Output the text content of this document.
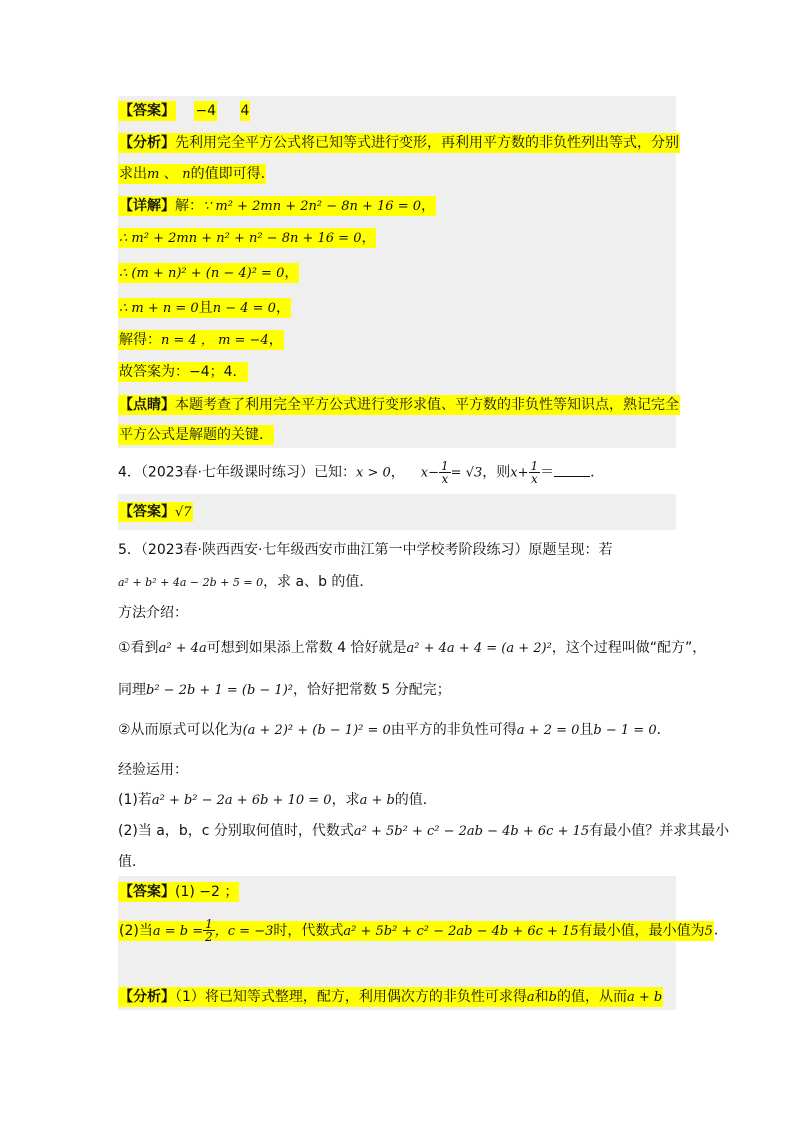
【答案】 −4 4
【分析】先利用完全平方公式将已知等式进行变形，再利用平方数的非负性列出等式，分别
求出m 、 n的值即可得.
【详解】解：∵ m² + 2mn + 2n² − 8n + 16 = 0，
∴ m² + 2mn + n² + n² − 8n + 16 = 0，
∴ (m + n)² + (n − 4)² = 0，
∴ m + n = 0且n − 4 = 0，
解得：n = 4 ， m = −4，
故答案为：−4；4．
【点睛】本题考查了利用完全平方公式进行变形求值、平方数的非负性等知识点，熟记完全
平方公式是解题的关键．
4．（2023春·七年级课时练习）已知：x > 0， $x- \frac{1}{x} = √3$，则$x+ \frac{1}{x}$ ＝	．
【答案】√7
5．（2023春·陕西西安·七年级西安市曲江第一中学校考阶段练习）原题呈现：若
a² + b² + 4a − 2b + 5 = 0，求 a、b 的值．
方法介绍：
①看到a² + 4a可想到如果添上常数 4 恰好就是a² + 4a + 4 = (a + 2)²，这个过程叫做“配方”，
同理b² − 2b + 1 = (b − 1)²，恰好把常数 5 分配完；
②从而原式可以化为(a + 2)² + (b − 1)² = 0由平方的非负性可得a + 2 = 0且b − 1 = 0．
经验运用：
(1)若a² + b² − 2a + 6b + 10 = 0，求a + b的值．
(2)当 a，b，c 分别取何值时，代数式a² + 5b² + c² − 2ab − 4b + 6c + 15有最小值？并求其最小
值．
【答案】(1) −2 ；
(2)当$a = b = \frac{1}{2}$ ，c = −3时，代数式a² + 5b² + c² − 2ab − 4b + 6c + 15有最小值，最小值为5．
【分析】（1）将已知等式整理，配方，利用偶次方的非负性可求得a和b的值，从而a + b
